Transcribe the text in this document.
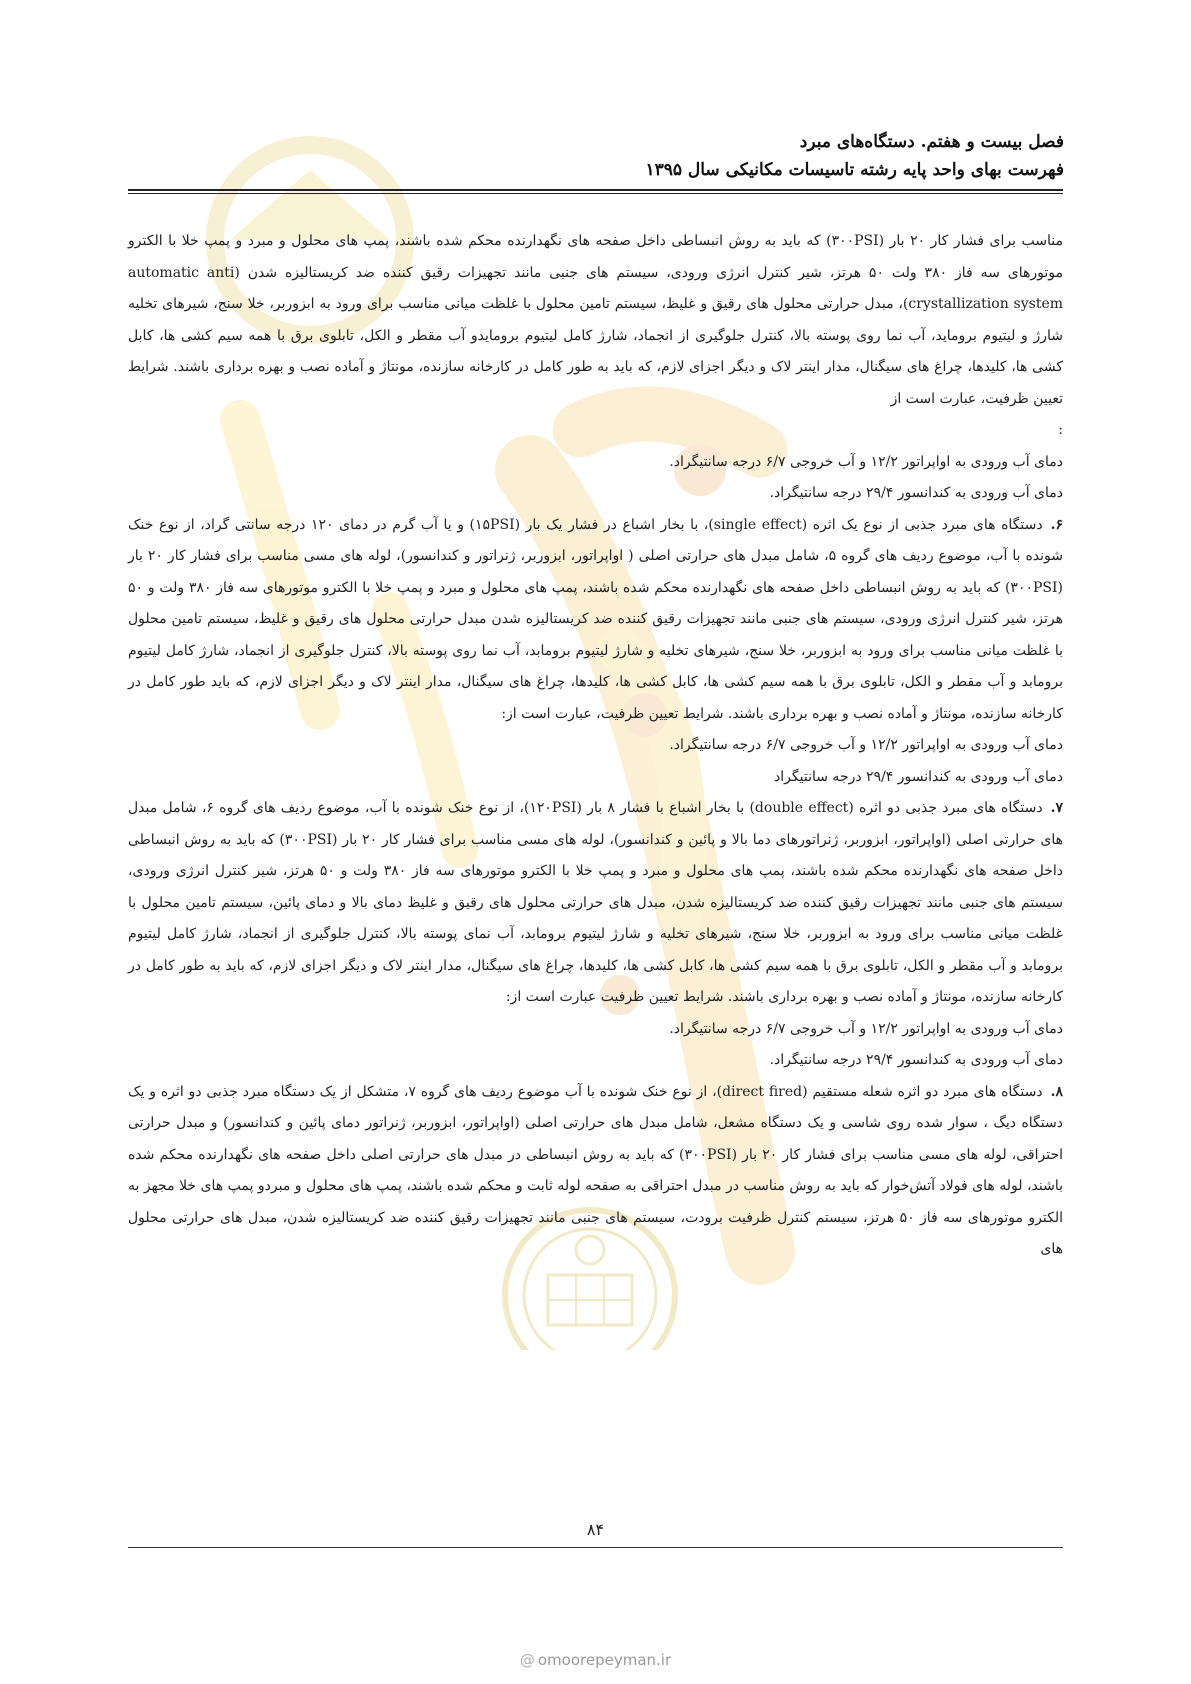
فصل بیست و هفتم. دستگاه‌های مبرد
فهرست بهای واحد پایه رشته تاسیسات مکانیکی سال ۱۳۹۵

مناسب برای فشار کار ۲۰ بار (۳۰۰PSI) که باید به روش انبساطی داخل صفحه های نگهدارنده محکم شده باشند، پمپ های محلول و مبرد و پمپ خلا با الکترو موتورهای سه فاز ۳۸۰ ولت ۵۰ هرتز، شیر کنترل انرژی ورودی، سیستم های جنبی مانند تجهیزات رقیق کننده ضد کریستالیزه شدن (automatic anti crystallization system)، مبدل حرارتی محلول های رقیق و غلیظ، سیستم تامین محلول با غلظت میانی مناسب برای ورود به ابزوربر، خلا سنج، شیرهای تخلیه شارژ و لیتیوم بروماید، آب نما روی پوسته بالا، کنترل جلوگیری از انجماد، شارژ کامل لیتیوم برومایدو آب مقطر و الکل، تابلوی برق با همه سیم کشی ها، کابل کشی ها، کلیدها، چراغ های سیگنال، مدار اینتر لاک و دیگر اجزای لازم، که باید به طور کامل در کارخانه سازنده، مونتاژ و آماده نصب و بهره برداری باشند. شرایط تعیین ظرفیت، عبارت است از

:
دمای آب ورودی به اواپراتور ۱۲/۲ و آب خروجی ۶/۷ درجه سانتیگراد.
دمای آب ورودی به کندانسور ۲۹/۴ درجه سانتیگراد.

۶.دستگاه های مبرد جذبی از نوع یک اثره (single effect)، با بخار اشباع در فشار یک بار (۱۵PSI) و یا آب گرم در دمای ۱۲۰ درجه سانتی گراد، از نوع خنک شونده با آب، موضوع ردیف های گروه ۵، شامل مبدل های حرارتی اصلی ( اواپراتور، ابزوربر، ژنراتور و کندانسور)، لوله های مسی مناسب برای فشار کار ۲۰ بار (۳۰۰PSI) که باید به روش انبساطی داخل صفحه های نگهدارنده محکم شده باشند، پمپ های محلول و مبرد و پمپ خلا با الکترو موتورهای سه فاز ۳۸۰ ولت و ۵۰ هرتز، شیر کنترل انرژی ورودی، سیستم های جنبی مانند تجهیزات رقیق کننده ضد کریستالیزه شدن مبدل حرارتی محلول های رقیق و غلیظ، سیستم تامین محلول با غلظت میانی مناسب برای ورود به ابزوربر، خلا سنج، شیرهای تخلیه و شارژ لیتیوم برومابد، آب نما روی پوسته بالا، کنترل جلوگیری از انجماد، شارژ کامل لیتیوم برومابد و آب مقطر و الکل، تابلوی برق با همه سیم کشی ها، کابل کشی ها، کلیدها، چراغ های سیگنال، مدار اینتر لاک و دیگر اجزای لازم، که باید طور کامل در کارخانه سازنده، مونتاژ و آماده نصب و بهره برداری باشند. شرایط تعیین ظرفیت، عبارت است از:

دمای آب ورودی به اواپراتور ۱۲/۲ و آب خروجی ۶/۷ درجه سانتیگراد.
دمای آب ورودی به کندانسور ۲۹/۴ درجه سانتیگراد

۷.دستگاه های مبرد جذبی دو اثره (double effect) با بخار اشباع با فشار ۸ بار (۱۲۰PSI)، از نوع خنک شونده با آب، موضوع ردیف های گروه ۶، شامل مبدل های حرارتی اصلی (اواپراتور، ابزوربر، ژنراتورهای دما بالا و پائین و کندانسور)، لوله های مسی مناسب برای فشار کار ۲۰ بار (۳۰۰PSI) که باید به روش انبساطی داخل صفحه های نگهدارنده محکم شده باشند، پمپ های محلول و مبرد و پمپ خلا با الکترو موتورهای سه فاز ۳۸۰ ولت و ۵۰ هرتز، شیر کنترل انرژی ورودی، سیستم های جنبی مانند تجهیزات رقیق کننده ضد کریستالیزه شدن، مبدل های حرارتی محلول های رقیق و غلیظ دمای بالا و دمای پائین، سیستم تامین محلول با غلظت میانی مناسب برای ورود به ابزوربر، خلا سنج، شیرهای تخلیه و شارژ لیتیوم برومابد، آب نمای پوسته بالا، کنترل جلوگیری از انجماد، شارژ کامل لیتیوم برومابد و آب مقطر و الکل، تابلوی برق با همه سیم کشی ها، کابل کشی ها، کلیدها، چراغ های سیگنال، مدار اینتر لاک و دیگر اجزای لازم، که باید به طور کامل در کارخانه سازنده، مونتاژ و آماده نصب و بهره برداری باشند. شرایط تعیین ظرفیت عبارت است از:

دمای آب ورودی به اواپراتور ۱۲/۲ و آب خروجی ۶/۷ درجه سانتیگراد.
دمای آب ورودی به کندانسور ۲۹/۴ درجه سانتیگراد.

۸.دستگاه های مبرد دو اثره شعله مستقیم (direct fired)، از نوع خنک شونده با آب موضوع ردیف های گروه ۷، متشکل از یک دستگاه مبرد جذبی دو اثره و یک دستگاه دیگ ، سوار شده روی شاسی و یک دستگاه مشعل، شامل مبدل های حرارتی اصلی (اواپراتور، ابزوربر، ژنراتور دمای پائین و کندانسور) و مبدل حرارتی احتراقی، لوله های مسی مناسب برای فشار کار ۲۰ بار (۳۰۰PSI) که باید به روش انبساطی در مبدل های حرارتی اصلی داخل صفحه های نگهدارنده محکم شده باشند، لوله های فولاد آتش‌خوار که باید به روش مناسب در مبدل احتراقی به صفحه لوله ثابت و محکم شده باشند، پمپ های محلول و مبردو پمپ های خلا مجهز به الکترو موتورهای سه فاز ۵۰ هرتز، سیستم کنترل ظرفیت برودت، سیستم های جنبی مانند تجهیزات رقیق کننده ضد کریستالیزه شدن، مبدل های حرارتی محلول های

۸۴
@ omoorepeyman.ir
